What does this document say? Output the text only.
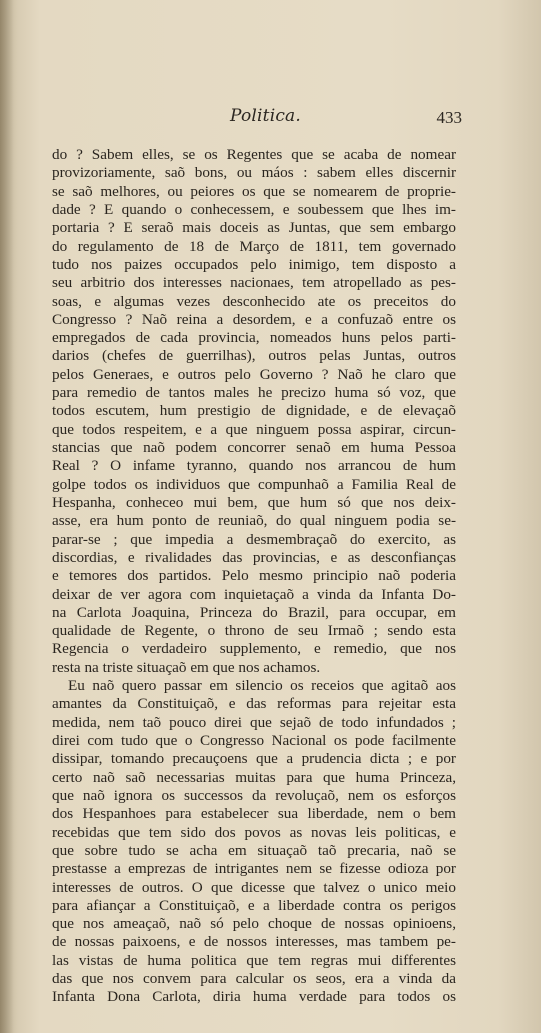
Politica.	433
do ? Sabem elles, se os Regentes que se acaba de nomear
provizoriamente, saõ bons, ou máos : sabem elles discernir
se saõ melhores, ou peiores os que se nomearem de proprie-
dade ? E quando o conhecessem, e soubessem que lhes im-
portaria ? E seraõ mais doceis as Juntas, que sem embargo
do regulamento de 18 de Março de 1811, tem governado
tudo nos paizes occupados pelo inimigo, tem disposto a
seu arbitrio dos interesses nacionaes, tem atropellado as pes-
soas, e algumas vezes desconhecido ate os preceitos do
Congresso ? Naõ reina a desordem, e a confuzaõ entre os
empregados de cada provincia, nomeados huns pelos parti-
darios (chefes de guerrilhas), outros pelas Juntas, outros
pelos Generaes, e outros pelo Governo ? Naõ he claro que
para remedio de tantos males he precizo huma só voz, que
todos escutem, hum prestigio de dignidade, e de elevaçaõ
que todos respeitem, e a que ninguem possa aspirar, circun-
stancias que naõ podem concorrer senaõ em huma Pessoa
Real ? O infame tyranno, quando nos arrancou de hum
golpe todos os individuos que compunhaõ a Familia Real de
Hespanha, conheceo mui bem, que hum só que nos deix-
asse, era hum ponto de reuniaõ, do qual ninguem podia se-
parar-se ; que impedia a desmembraçaõ do exercito, as
discordias, e rivalidades das provincias, e as desconfianças
e temores dos partidos. Pelo mesmo principio naõ poderia
deixar de ver agora com inquietaçaõ a vinda da Infanta Do-
na Carlota Joaquina, Princeza do Brazil, para occupar, em
qualidade de Regente, o throno de seu Irmaõ ; sendo esta
Regencia o verdadeiro supplemento, e remedio, que nos
resta na triste situaçaõ em que nos achamos.
Eu naõ quero passar em silencio os receios que agitaõ aos
amantes da Constituiçaõ, e das reformas para rejeitar esta
medida, nem taõ pouco direi que sejaõ de todo infundados ;
direi com tudo que o Congresso Nacional os pode facilmente
dissipar, tomando precauçoens que a prudencia dicta ; e por
certo naõ saõ necessarias muitas para que huma Princeza,
que naõ ignora os successos da revoluçaõ, nem os esforços
dos Hespanhoes para estabelecer sua liberdade, nem o bem
recebidas que tem sido dos povos as novas leis politicas, e
que sobre tudo se acha em situaçaõ taõ precaria, naõ se
prestasse a emprezas de intrigantes nem se fizesse odioza por
interesses de outros. O que dicesse que talvez o unico meio
para afiançar a Constituiçaõ, e a liberdade contra os perigos
que nos ameaçaõ, naõ só pelo choque de nossas opinioens,
de nossas paixoens, e de nossos interesses, mas tambem pe-
las vistas de huma politica que tem regras mui differentes
das que nos convem para calcular os seos, era a vinda da
Infanta Dona Carlota, diria huma verdade para todos os
